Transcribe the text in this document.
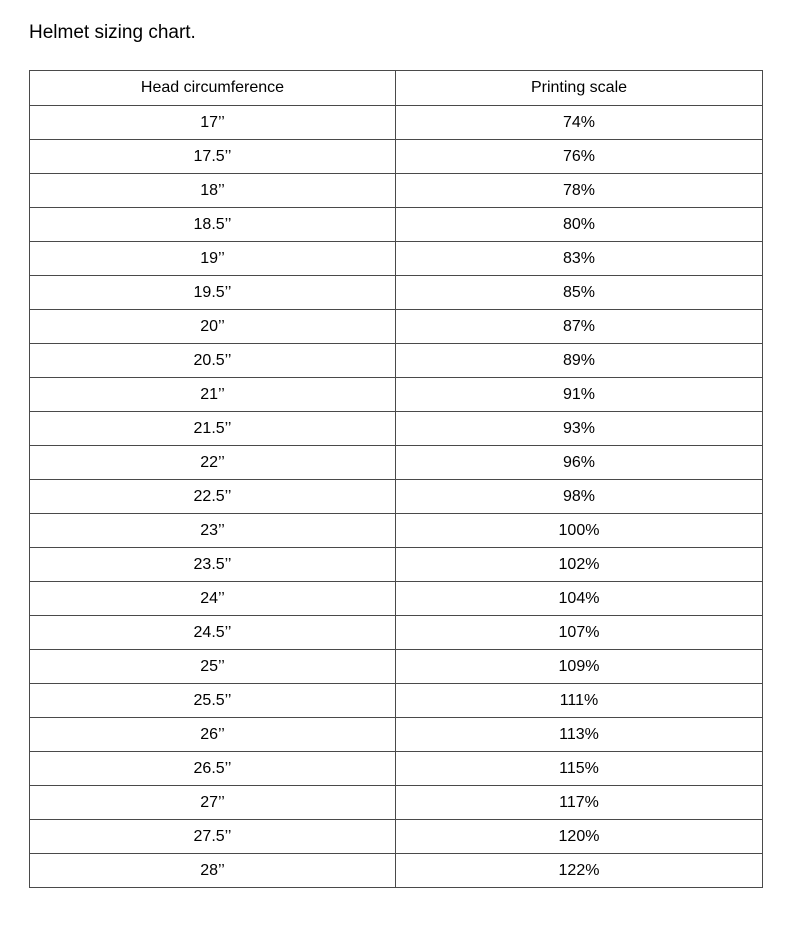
Helmet sizing chart.
Head circumference	Printing scale
17’’	74%
17.5’’	76%
18’’	78%
18.5’’	80%
19’’	83%
19.5’’	85%
20’’	87%
20.5’’	89%
21’’	91%
21.5’’	93%
22’’	96%
22.5’’	98%
23’’	100%
23.5’’	102%
24’’	104%
24.5’’	107%
25’’	109%
25.5’’	111%
26’’	113%
26.5’’	115%
27’’	117%
27.5’’	120%
28’’	122%
